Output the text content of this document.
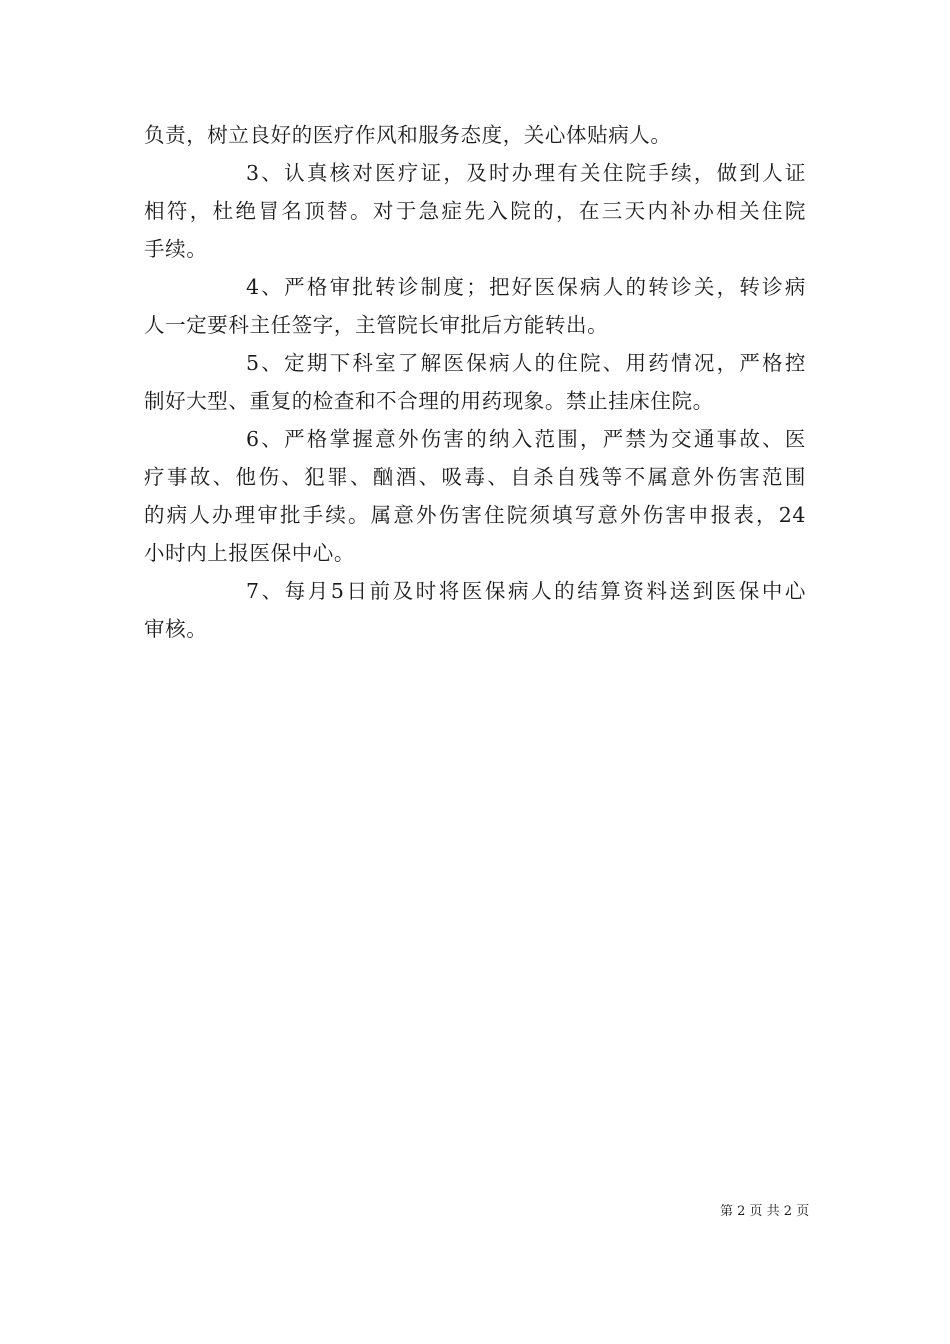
负责，树立良好的医疗作风和服务态度，关心体贴病人。
3、认真核对医疗证，及时办理有关住院手续，做到人证
相符，杜绝冒名顶替。对于急症先入院的，在三天内补办相关住院
手续。
4、严格审批转诊制度；把好医保病人的转诊关，转诊病
人一定要科主任签字，主管院长审批后方能转出。
5、定期下科室了解医保病人的住院、用药情况，严格控
制好大型、重复的检查和不合理的用药现象。禁止挂床住院。
6、严格掌握意外伤害的纳入范围，严禁为交通事故、医
疗事故、他伤、犯罪、酗酒、吸毒、自杀自残等不属意外伤害范围
的病人办理审批手续。属意外伤害住院须填写意外伤害申报表，24
小时内上报医保中心。
7、每月5日前及时将医保病人的结算资料送到医保中心
审核。
第 2 页 共 2 页
